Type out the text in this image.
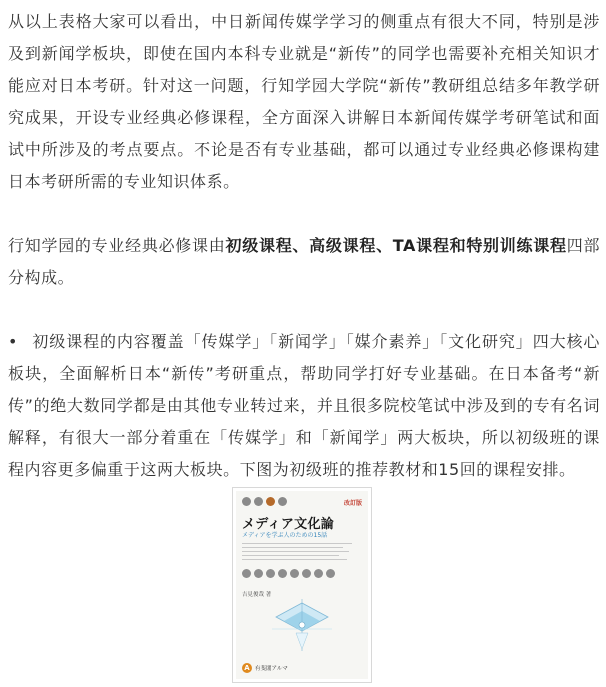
从以上表格大家可以看出，中日新闻传媒学学习的侧重点有很大不同，特别是涉及到新闻学板块，即使在国内本科专业就是“新传”的同学也需要补充相关知识才能应对日本考研。针对这一问题，行知学园大学院“新传”教研组总结多年教学研究成果，开设专业经典必修课程，全方面深入讲解日本新闻传媒学考研笔试和面试中所涉及的考点要点。不论是否有专业基础，都可以通过专业经典必修课构建日本考研所需的专业知识体系。

行知学园的专业经典必修课由初级课程、高级课程、TA课程和特别训练课程四部分构成。

• 初级课程的内容覆盖「传媒学」「新闻学」「媒介素养」「文化研究」四大核心板块，全面解析日本“新传”考研重点，帮助同学打好专业基础。在日本备考“新传”的绝大数同学都是由其他专业转过来，并且很多院校笔试中涉及到的专有名词解释，有很大一部分着重在「传媒学」和「新闻学」两大板块，所以初级班的课程内容更多偏重于这两大板块。下图为初级班的推荐教材和15回的课程安排。

改訂版
メディア文化論
メディアを学ぶ人のための15話
吉見俊哉 著
A 有斐閣アルマ
